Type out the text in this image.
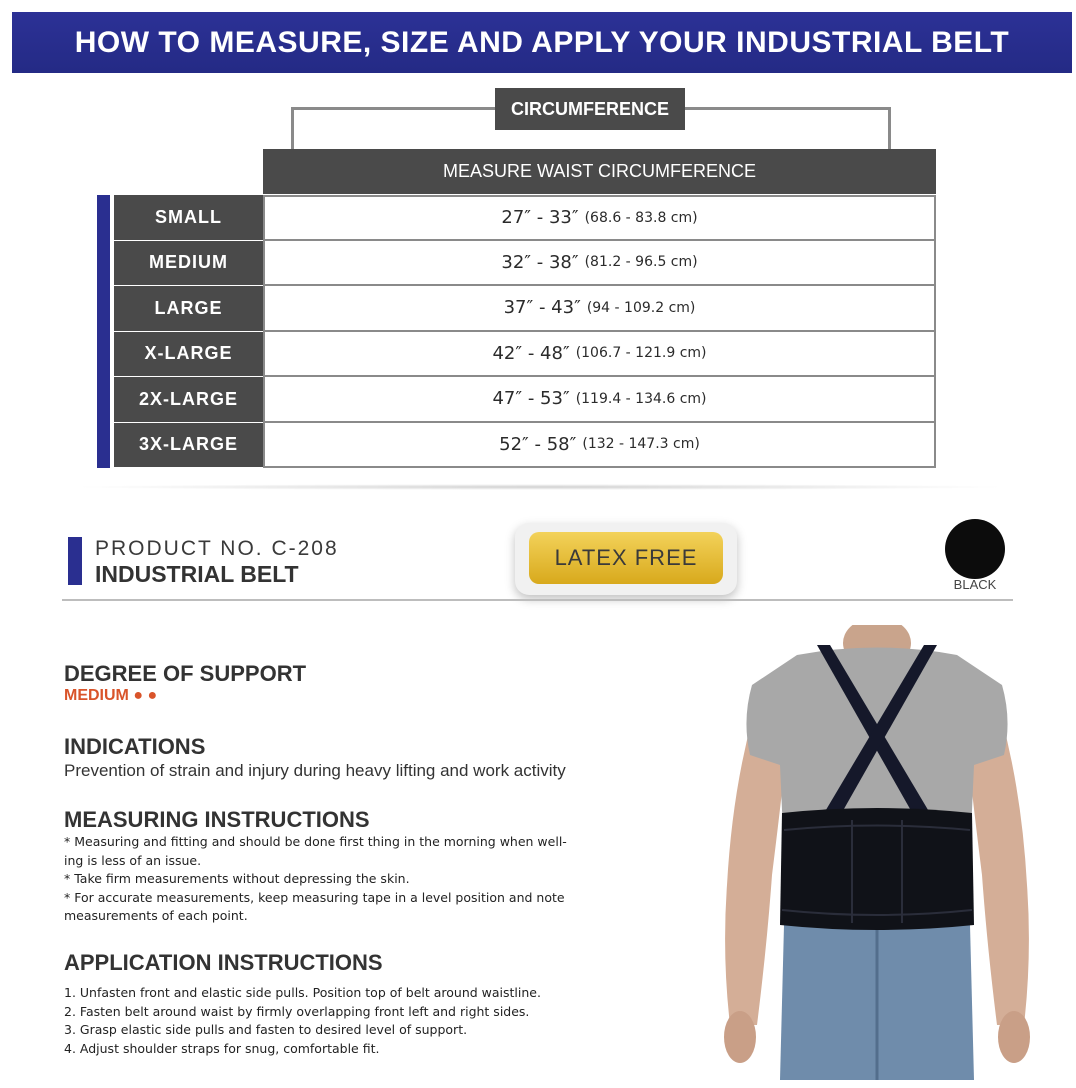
HOW TO MEASURE, SIZE AND APPLY YOUR INDUSTRIAL BELT
CIRCUMFERENCE
MEASURE WAIST CIRCUMFERENCE
SMALL	27″ - 33″ (68.6 - 83.8 cm)
MEDIUM	32″ - 38″ (81.2 - 96.5 cm)
LARGE	37″ - 43″ (94 - 109.2 cm)
X-LARGE	42″ - 48″ (106.7 - 121.9 cm)
2X-LARGE	47″ - 53″ (119.4 - 134.6 cm)
3X-LARGE	52″ - 58″ (132 - 147.3 cm)
PRODUCT NO. C-208
INDUSTRIAL BELT
LATEX FREE
BLACK
DEGREE OF SUPPORT
MEDIUM ● ●
INDICATIONS
Prevention of strain and injury during heavy lifting and work activity
MEASURING INSTRUCTIONS
* Measuring and fitting and should be done first thing in the morning when well-
ing is less of an issue.
* Take firm measurements without depressing the skin.
* For accurate measurements, keep measuring tape in a level position and note
measurements of each point.
APPLICATION INSTRUCTIONS
1. Unfasten front and elastic side pulls. Position top of belt around waistline.
2. Fasten belt around waist by firmly overlapping front left and right sides.
3. Grasp elastic side pulls and fasten to desired level of support.
4. Adjust shoulder straps for snug, comfortable fit.
